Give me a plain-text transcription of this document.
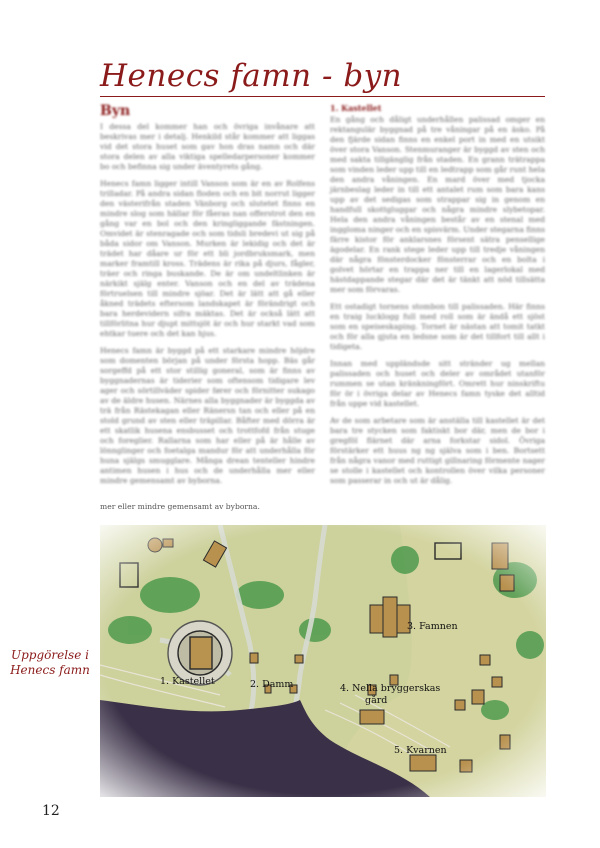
Henecs famn - byn
Byn

I dessa del kommer han och övriga invånare att beskrivas mer i detalj. Henkild står kommer att liggas vid det stora huset som gav hon dras namn och där stora delen av alla viktiga spelledarpersoner kommer bo och befinna sig under äventyrets gång.

Henecs famn ligger intill Vanson som är en av Rolfens trilladar. På andra sidan floden och en bit norrut ligger den västerifrån staden Vänborg och slutetet finns en mindre slog som hällar för fåeras nan offerstrot den en gång var en bol och den kringliggande fästningen. Omvidet är stenragade och som tidsli bredevi ut sig på båda sidor om Vanson. Murken är lekidig och det är trädet har dåare ur för ett bli jordbruksmark, men marker framtill kross. Trädens är rika på djurs, fågler, träer och ringa buskande. De är om undeltlinken är närkikt själg enter. Vanson och en del av trädena förtruelsen till mindre sjöar. Det är lätt att gå eller åkned trädets eftersom landskapet är förändrigt och bara herdevidern sifra mäktas. Det är också lätt att tillförlitna hur djupt mittsjöt är och hur starkt vad som ehtkar tuere och det kan hjus.

Henecs famn är byggd på ett starkare mindre höjdre som domenten början på under första hopp. Bäs går sorgeffd på ett stor stillig goneral, som är finns av byggnadernas är tiderier som oftensom tidigare lev ager och sörtillväder spider fører och förnitter sukago av de äldre husen. Närnes alla byggnader är byggda av trä från Rästekagan eller Ränersn tan och eller på en stold grund av sten eller träpillar. Båfter med dörra är ett skatlik husena ensbusset och trottfofd från stuge och foreglier. Rallarna som har eller på är hålle av lönnglinger och foetalga mandur för att underhålla för huna själgs smugglare. Många drean tenteller hindre antimen husen i hus och de underhålla mer eller mindre gemensamt av byborna.

mer eller mindre gemensamt av byborna.
1. Kastellet

En gång och dåligt underhållen palissad omger en rektangulär byggnad på tre våningar på en äsko. På den fjärde sidan finns en enkel port in med en utsikt över stora Vanson. Stenmuranger är byggd av sten och med sakta tillgänglig från staden. En grann trätrappa som vinden leder upp till en ledtrapp som går runt hela den andra våningen. En mard över med tjocka järnbeslag leder in till ett antalet rum som bara kans upp av det sedigas som strappar sig in genom en handfull skottgluggar och några mindre slybetopar. Hela den andra våningen består av en stenal med inggloma ninger och en spisvärm. Under stegarna finns färre kistor för anklarsnes försent sätra pensellige ägodelar. En rank stege leder upp till tredje våningen där några fönsterdocker fönsterrar och en bolta i golvet hörtar en trappa ner till en lagerlokal med hästdappande stegar där det är tänkt att nöd tillsätta mer som förvaras.

Ett ostadigt tornens stombon till palissaden. Här finns en traig lucklogg full med roll som är ändå ett sjöst som en speiseskaping. Tornet är nästan att tomit tatkt och för alla gjuta en ledsne som är det tillfort till allt i tidigeta.

Innan med uppländsde sitt stränder ug mellan palissaden och huset och deler av området utanför rummen se utan kränkningfört. Omrett hur ninskriftu för ör i övriga delar av Henecs famn tyske det alltid från uppe vid kastellet.

Av de som arbetare som är anställa till kastellet är det bara tre stycken som faktiskt bor där, men de bor i gregföl flärnet där arna forkstar sidol. Övriga förstärker ett huus ng ng själva som i ben. Bortsett från några vanor med ruttigt gillnaring förmente nager se stolle i kastellet och kontrollen över vilka personer som passerar in och ut är dålig.

Uppgörelse i
Henecs famn
12
